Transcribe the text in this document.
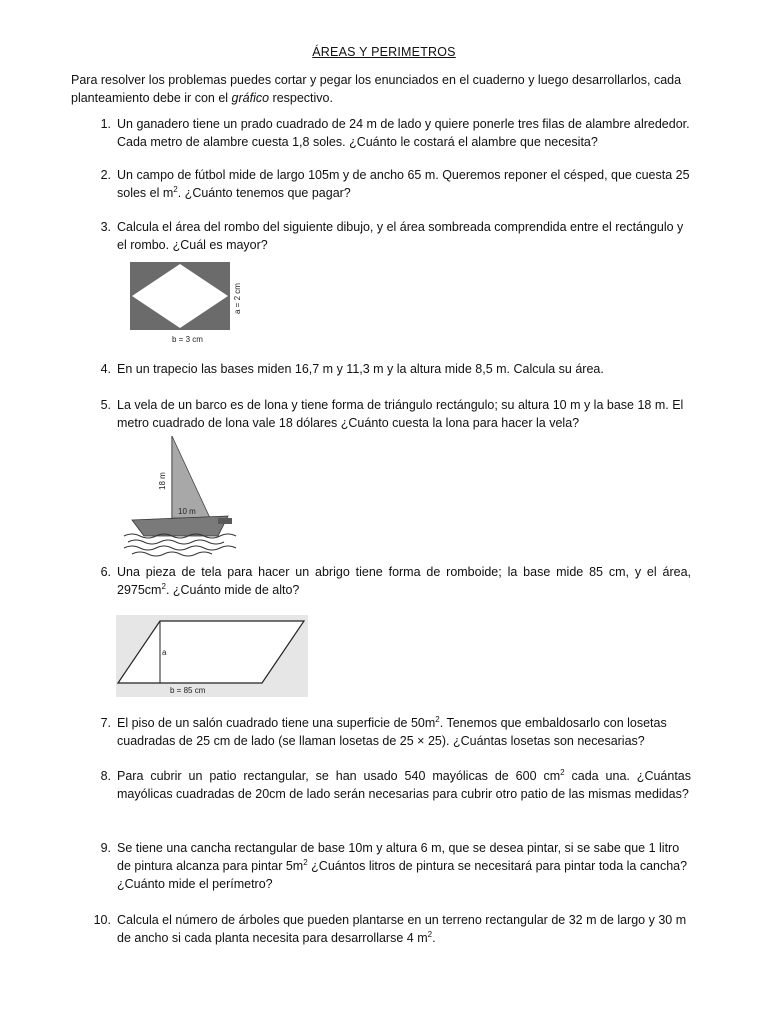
ÁREAS Y PERIMETROS
Para resolver los problemas puedes cortar y pegar los enunciados en el cuaderno y luego desarrollarlos, cada planteamiento debe ir con el gráfico respectivo.
1. Un ganadero tiene un prado cuadrado de 24 m de lado y quiere ponerle tres filas de alambre alrededor. Cada metro de alambre cuesta 1,8 soles. ¿Cuánto le costará el alambre que necesita?
2. Un campo de fútbol mide de largo 105m y de ancho 65 m. Queremos reponer el césped, que cuesta 25 soles el $m^2$. ¿Cuánto tenemos que pagar?
3. Calcula el área del rombo del siguiente dibujo, y el área sombreada comprendida entre el rectángulo y el rombo. ¿Cuál es mayor?
b = 3 cm
a = 2 cm
4. En un trapecio las bases miden 16,7 m y 11,3 m y la altura mide 8,5 m. Calcula su área.
5. La vela de un barco es de lona y tiene forma de triángulo rectángulo; su altura 10 m y la base 18 m. El metro cuadrado de lona vale 18 dólares ¿Cuánto cuesta la lona para hacer la vela?
18 m
10 m
6. Una pieza de tela para hacer un abrigo tiene forma de romboide; la base mide 85 cm, y el área, $2975cm^2$. ¿Cuánto mide de alto?
a
b = 85 cm
7. El piso de un salón cuadrado tiene una superficie de $50m^2$. Tenemos que embaldosarlo con losetas cuadradas de 25 cm de lado (se llaman losetas de 25 × 25). ¿Cuántas losetas son necesarias?
8. Para cubrir un patio rectangular, se han usado 540 mayólicas de 600 $cm^2$ cada una. ¿Cuántas mayólicas cuadradas de 20cm de lado serán necesarias para cubrir otro patio de las mismas medidas?
9. Se tiene una cancha rectangular de base 10m y altura 6 m, que se desea pintar, si se sabe que 1 litro de pintura alcanza para pintar $5m^2$ ¿Cuántos litros de pintura se necesitará para pintar toda la cancha? ¿Cuánto mide el perímetro?
10. Calcula el número de árboles que pueden plantarse en un terreno rectangular de 32 m de largo y 30 m de ancho si cada planta necesita para desarrollarse 4 $m^2$.
